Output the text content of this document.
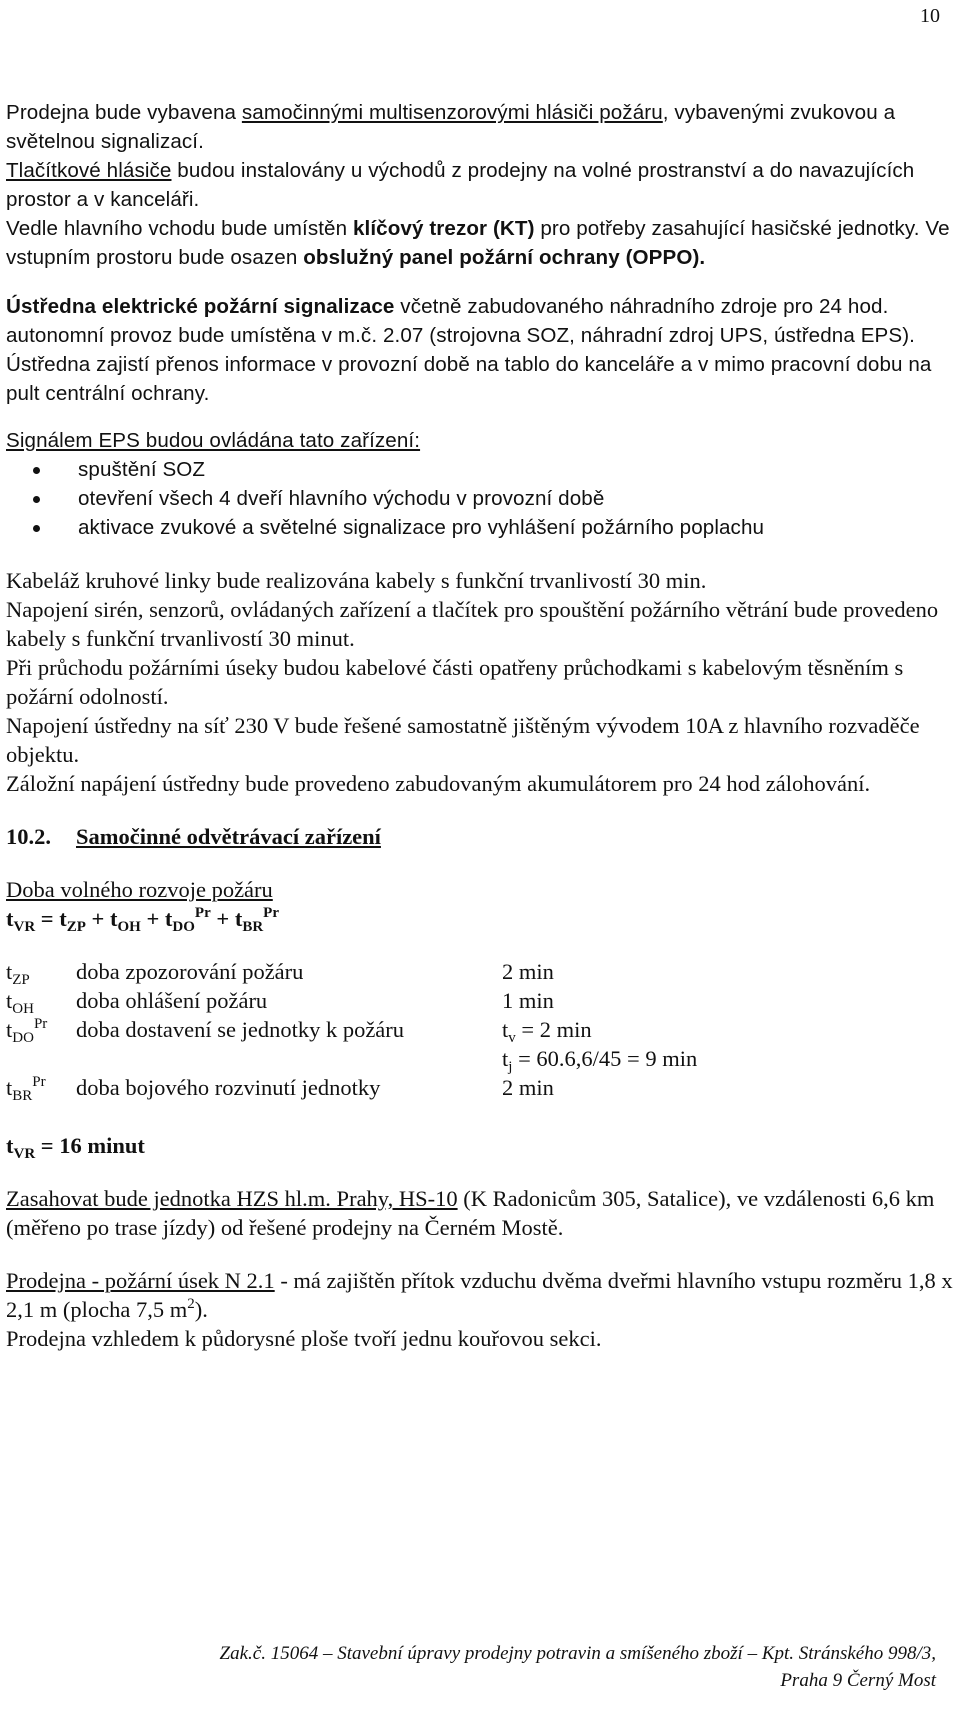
10

Prodejna bude vybavena samočinnými multisenzorovými hlásiči požáru, vybavenými zvukovou a světelnou signalizací.
Tlačítkové hlásiče budou instalovány u východů z prodejny na volné prostranství a do navazujících prostor a v kanceláři.
Vedle hlavního vchodu bude umístěn klíčový trezor (KT) pro potřeby zasahující hasičské jednotky. Ve vstupním prostoru bude osazen obslužný panel požární ochrany (OPPO).

Ústředna elektrické požární signalizace včetně zabudovaného náhradního zdroje pro 24 hod. autonomní provoz bude umístěna v m.č. 2.07 (strojovna SOZ, náhradní zdroj UPS, ústředna EPS).

Ústředna zajistí přenos informace v provozní době na tablo do kanceláře a v mimo pracovní dobu na pult centrální ochrany.

Signálem EPS budou ovládána tato zařízení:

spuštění SOZ
otevření všech 4 dveří hlavního východu v provozní době
aktivace zvukové a světelné signalizace pro vyhlášení požárního poplachu

Kabeláž kruhové linky bude realizována kabely s funkční trvanlivostí 30 min.

Napojení sirén, senzorů, ovládaných zařízení a tlačítek pro spouštění požárního větrání bude provedeno kabely s funkční trvanlivostí 30 minut.

Při průchodu požárními úseky budou kabelové části opatřeny průchodkami s kabelovým těsněním s požární odolností.

Napojení ústředny na síť 230 V bude řešené samostatně jištěným vývodem 10A z hlavního rozvaděče objektu.

Záložní napájení ústředny bude provedeno zabudovaným akumulátorem pro 24 hod zálohování.

10.2. Samočinné odvětrávací zařízení

Doba volného rozvoje požáru

$t_{VR} = t_{ZP} + t_{OH} + t_{DO}^{Pr} + t_{BR}^{Pr}$

$t_{ZP}$	doba zpozorování požáru	2 min
$t_{OH}$	doba ohlášení požáru	1 min
$t_{DO}^{Pr}$	doba dostavení se jednotky k požáru	$t_v = 2$ min
$t_j = 60.6,6/45 = 9$ min
$t_{BR}^{Pr}$	doba bojového rozvinutí jednotky	2 min

$t_{VR} = 16$ minut

Zasahovat bude jednotka HZS hl.m. Prahy, HS-10 (K Radonicům 305, Satalice), ve vzdálenosti 6,6 km (měřeno po trase jízdy) od řešené prodejny na Černém Mostě.

Prodejna - požární úsek N 2.1 - má zajištěn přítok vzduchu dvěma dveřmi hlavního vstupu rozměru 1,8 x 2,1 m (plocha 7,5 $m^2$).

Prodejna vzhledem k půdorysné ploše tvoří jednu kouřovou sekci.

Zak.č. 15064 – Stavební úpravy prodejny potravin a smíšeného zboží – Kpt. Stránského 998/3,
Praha 9 Černý Most
